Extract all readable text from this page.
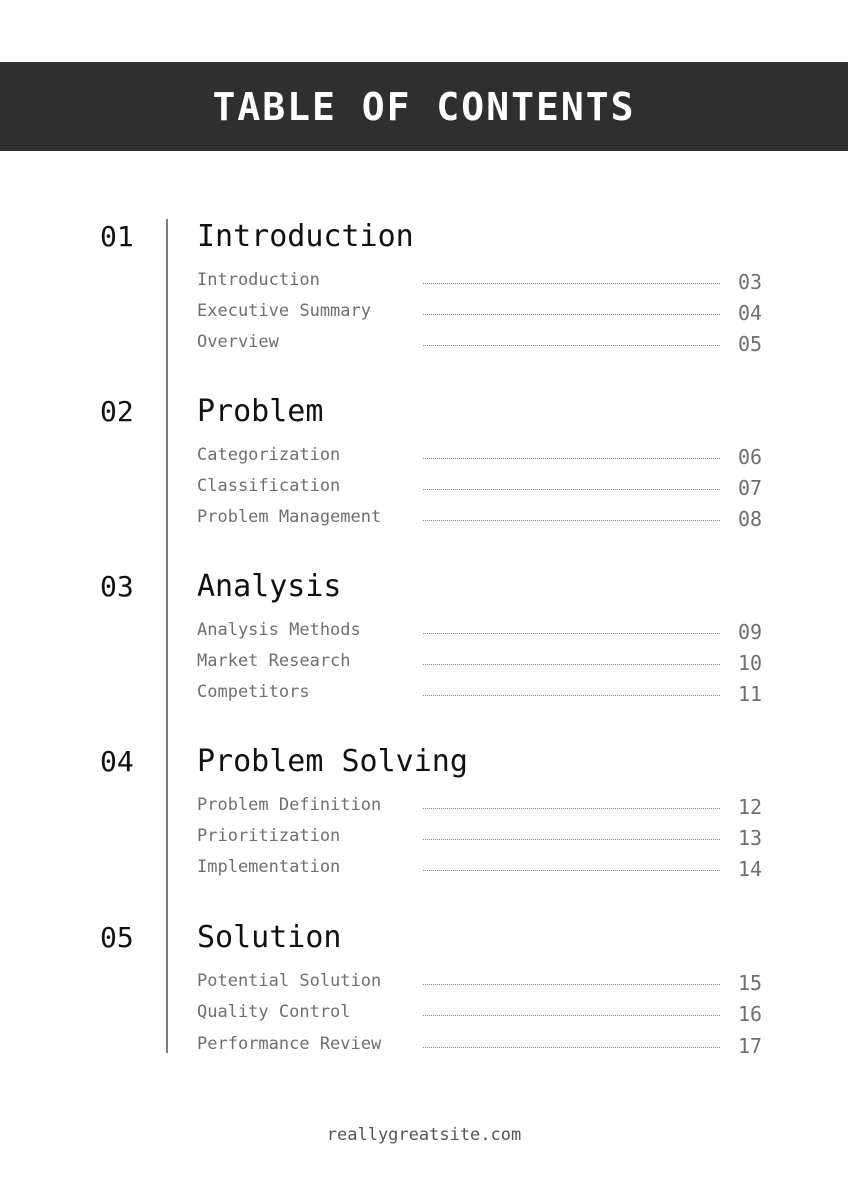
TABLE OF CONTENTS
01 Introduction
Introduction	03
Executive Summary	04
Overview	05
02 Problem
Categorization	06
Classification	07
Problem Management	08
03 Analysis
Analysis Methods	09
Market Research	10
Competitors	11
04 Problem Solving
Problem Definition	12
Prioritization	13
Implementation	14
05 Solution
Potential Solution	15
Quality Control	16
Performance Review	17
reallygreatsite.com
